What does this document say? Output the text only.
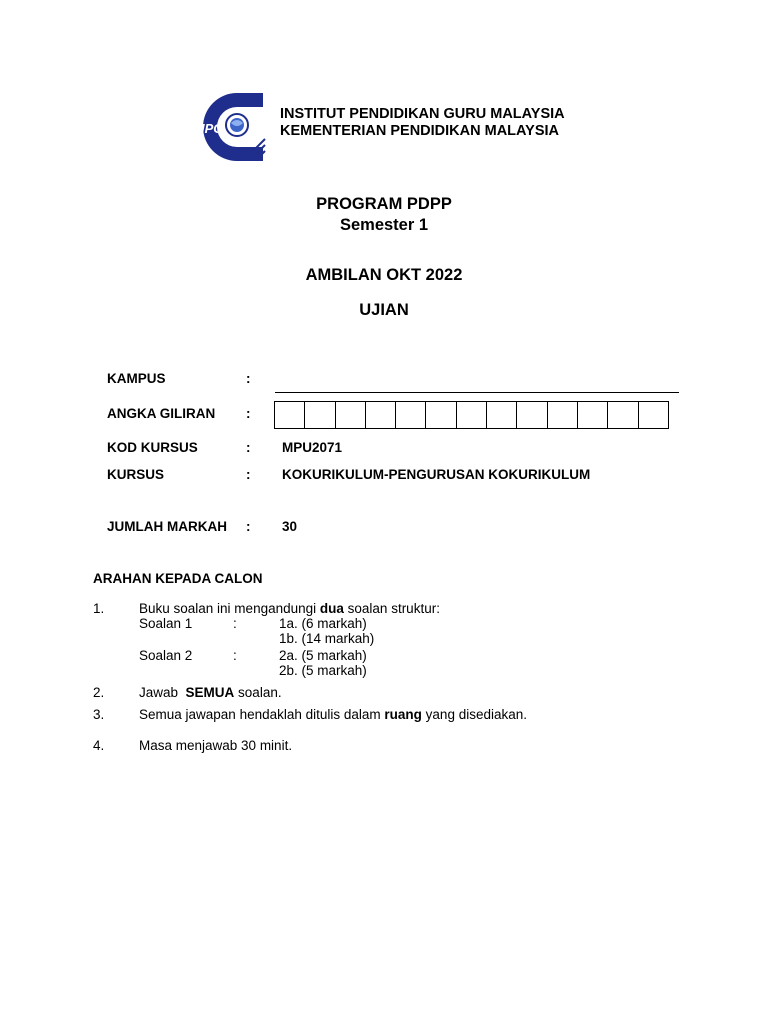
IPG
INSTITUT PENDIDIKAN GURU MALAYSIA
KEMENTERIAN PENDIDIKAN MALAYSIA
PROGRAM PDPP
Semester 1
AMBILAN OKT 2022
UJIAN
KAMPUS	:
ANGKA GILIRAN :
KOD KURSUS	: MPU2071
KURSUS	: KOKURIKULUM-PENGURUSAN KOKURIKULUM
JUMLAH MARKAH : 30
ARAHAN KEPADA CALON
1.	Buku soalan ini mengandungi dua soalan struktur:
Soalan 1	:	1a. (6 markah)
1b. (14 markah)
Soalan 2	:	2a. (5 markah)
2b. (5 markah)
2.	Jawab  SEMUA soalan.
3.	Semua jawapan hendaklah ditulis dalam ruang yang disediakan.
4.	Masa menjawab 30 minit.
